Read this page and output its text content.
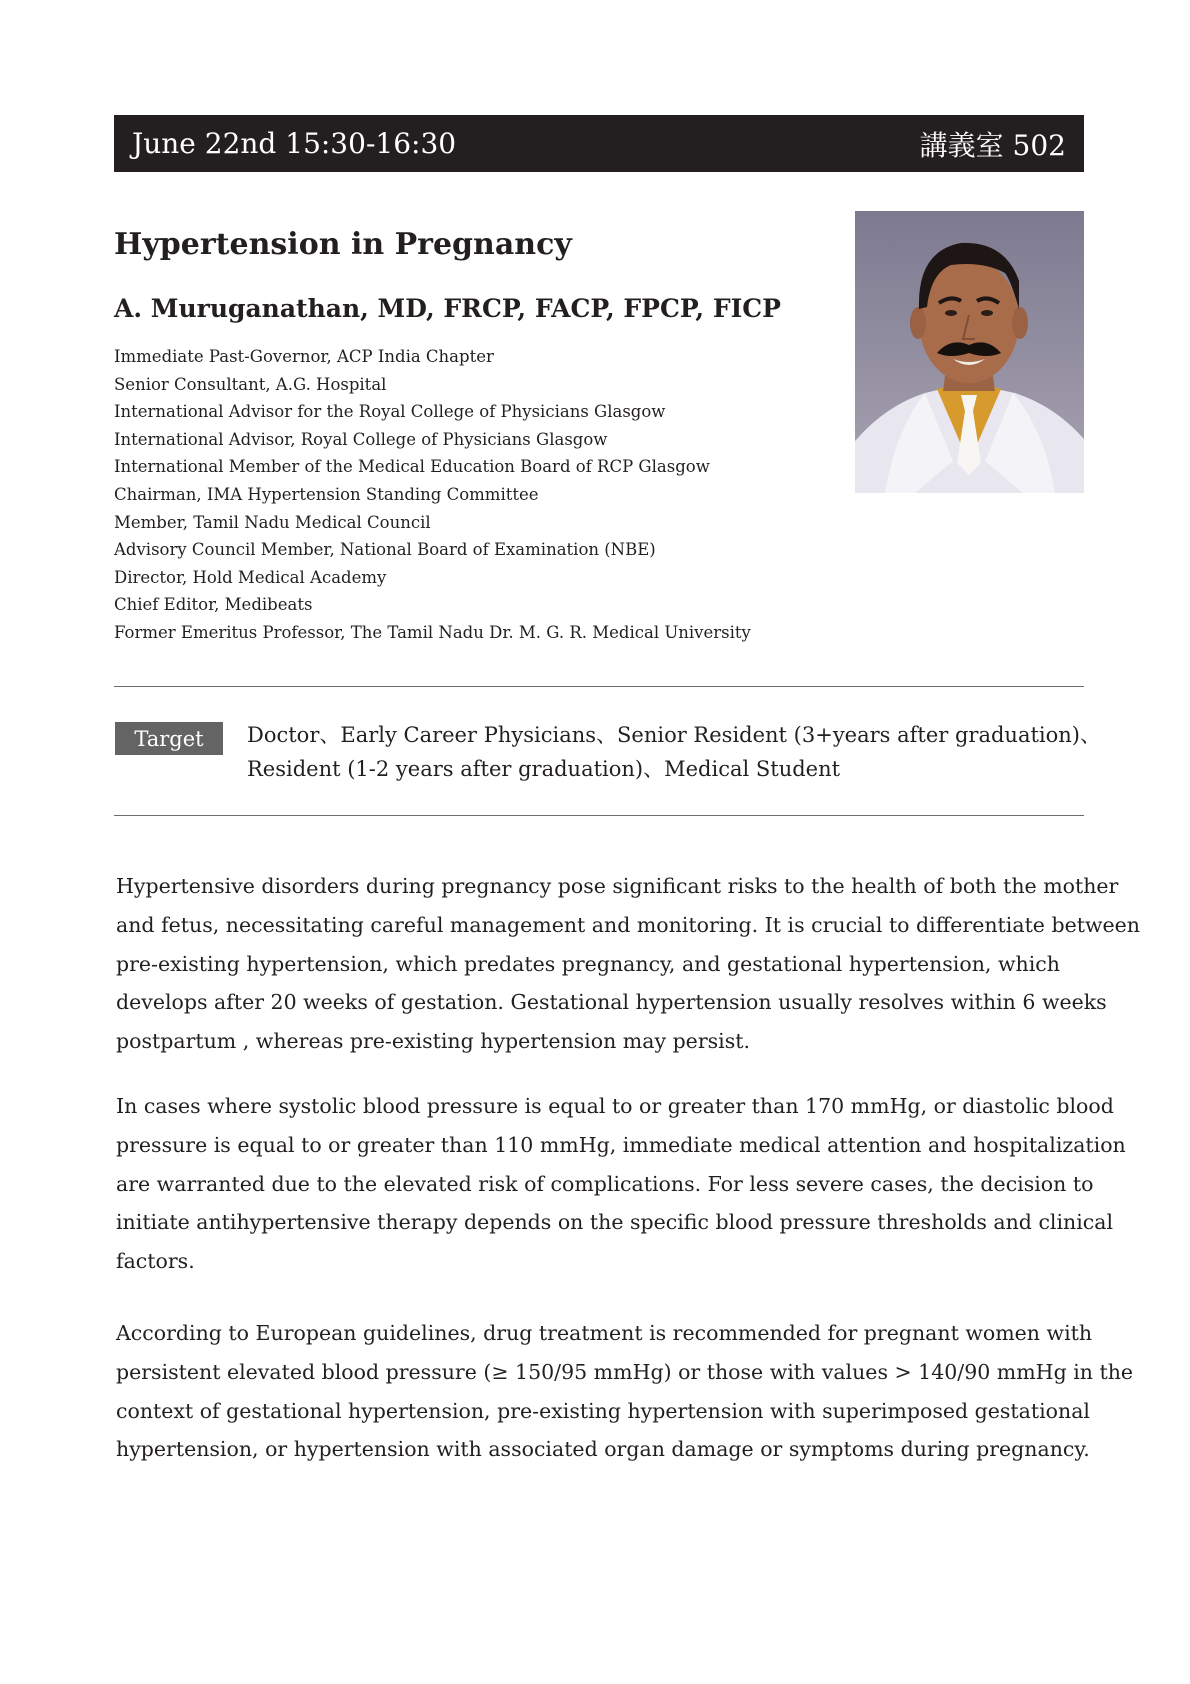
June 22nd 15:30-16:30	講義室 502
Hypertension in Pregnancy
A. Muruganathan, MD, FRCP, FACP, FPCP, FICP
Immediate Past-Governor, ACP India Chapter
Senior Consultant, A.G. Hospital
International Advisor for the Royal College of Physicians Glasgow
International Advisor, Royal College of Physicians Glasgow
International Member of the Medical Education Board of RCP Glasgow
Chairman, IMA Hypertension Standing Committee
Member, Tamil Nadu Medical Council
Advisory Council Member, National Board of Examination (NBE)
Director, Hold Medical Academy
Chief Editor, Medibeats
Former Emeritus Professor, The Tamil Nadu Dr. M. G. R. Medical University
Target	Doctor、Early Career Physicians、Senior Resident (3+years after graduation)、
Resident (1-2 years after graduation)、Medical Student

Hypertensive disorders during pregnancy pose significant risks to the health of both the mother
and fetus, necessitating careful management and monitoring. It is crucial to differentiate between
pre-existing hypertension, which predates pregnancy, and gestational hypertension, which
develops after 20 weeks of gestation. Gestational hypertension usually resolves within 6 weeks
postpartum , whereas pre-existing hypertension may persist.

In cases where systolic blood pressure is equal to or greater than 170 mmHg, or diastolic blood
pressure is equal to or greater than 110 mmHg, immediate medical attention and hospitalization
are warranted due to the elevated risk of complications. For less severe cases, the decision to
initiate antihypertensive therapy depends on the specific blood pressure thresholds and clinical
factors.

According to European guidelines, drug treatment is recommended for pregnant women with
persistent elevated blood pressure (≥ 150/95 mmHg) or those with values > 140/90 mmHg in the
context of gestational hypertension, pre-existing hypertension with superimposed gestational
hypertension, or hypertension with associated organ damage or symptoms during pregnancy.
